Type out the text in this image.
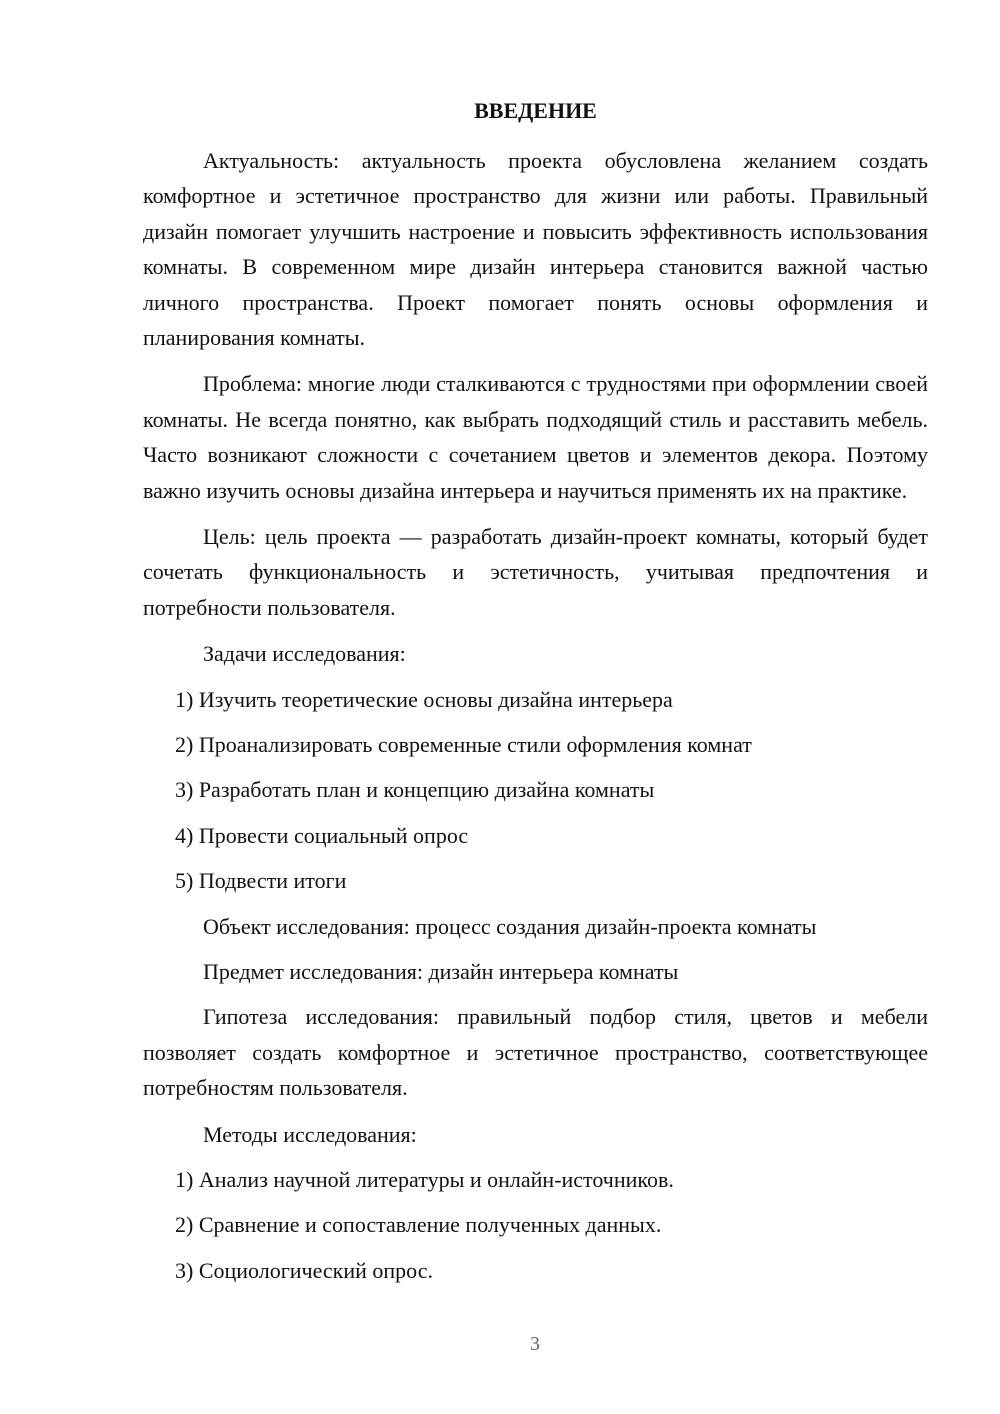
ВВЕДЕНИЕ

Актуальность: актуальность проекта обусловлена желанием создать комфортное и эстетичное пространство для жизни или работы. Правильный дизайн помогает улучшить настроение и повысить эффективность использования комнаты. В современном мире дизайн интерьера становится важной частью личного пространства. Проект помогает понять основы оформления и планирования комнаты.

Проблема: многие люди сталкиваются с трудностями при оформлении своей комнаты. Не всегда понятно, как выбрать подходящий стиль и расставить мебель. Часто возникают сложности с сочетанием цветов и элементов декора. Поэтому важно изучить основы дизайна интерьера и научиться применять их на практике.

Цель: цель проекта — разработать дизайн-проект комнаты, который будет сочетать функциональность и эстетичность, учитывая предпочтения и потребности пользователя.

Задачи исследования:
1) Изучить теоретические основы дизайна интерьера
2) Проанализировать современные стили оформления комнат
3) Разработать план и концепцию дизайна комнаты
4) Провести социальный опрос
5) Подвести итоги
Объект исследования: процесс создания дизайн-проекта комнаты
Предмет исследования: дизайн интерьера комнаты

Гипотеза исследования: правильный подбор стиля, цветов и мебели позволяет создать комфортное и эстетичное пространство, соответствующее потребностям пользователя.

Методы исследования:
1) Анализ научной литературы и онлайн-источников.
2) Сравнение и сопоставление полученных данных.
3) Социологический опрос.
3
